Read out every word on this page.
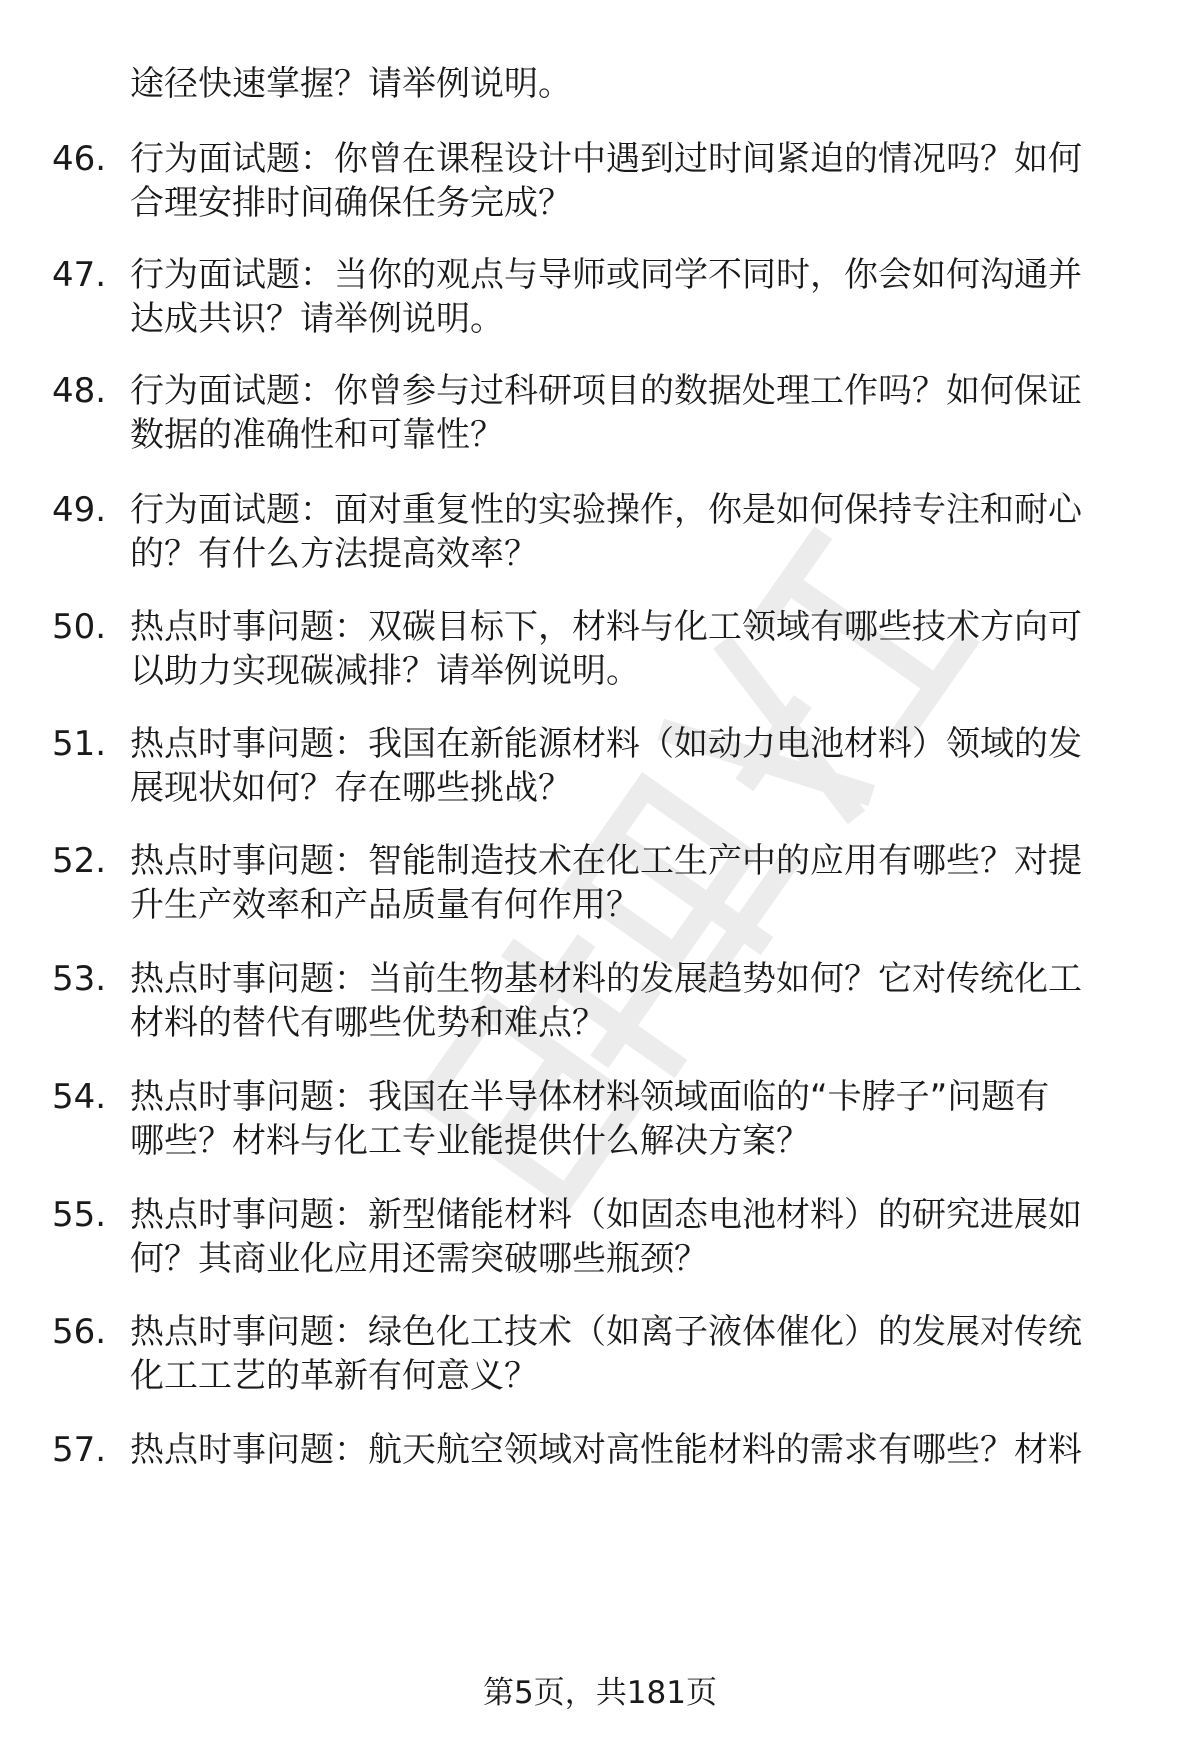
途径快速掌握？请举例说明。
46. 行为面试题：你曾在课程设计中遇到过时间紧迫的情况吗？如何
合理安排时间确保任务完成？
47. 行为面试题：当你的观点与导师或同学不同时，你会如何沟通并
达成共识？请举例说明。
48. 行为面试题：你曾参与过科研项目的数据处理工作吗？如何保证
数据的准确性和可靠性？
49. 行为面试题：面对重复性的实验操作，你是如何保持专注和耐心
的？有什么方法提高效率？
50. 热点时事问题：双碳目标下，材料与化工领域有哪些技术方向可
以助力实现碳减排？请举例说明。
51. 热点时事问题：我国在新能源材料（如动力电池材料）领域的发
展现状如何？存在哪些挑战？
52. 热点时事问题：智能制造技术在化工生产中的应用有哪些？对提
升生产效率和产品质量有何作用？
53. 热点时事问题：当前生物基材料的发展趋势如何？它对传统化工
材料的替代有哪些优势和难点？
54. 热点时事问题：我国在半导体材料领域面临的“卡脖子”问题有
哪些？材料与化工专业能提供什么解决方案？
55. 热点时事问题：新型储能材料（如固态电池材料）的研究进展如
何？其商业化应用还需突破哪些瓶颈？
56. 热点时事问题：绿色化工技术（如离子液体催化）的发展对传统
化工工艺的革新有何意义？
57. 热点时事问题：航天航空领域对高性能材料的需求有哪些？材料
第5页，共181页
